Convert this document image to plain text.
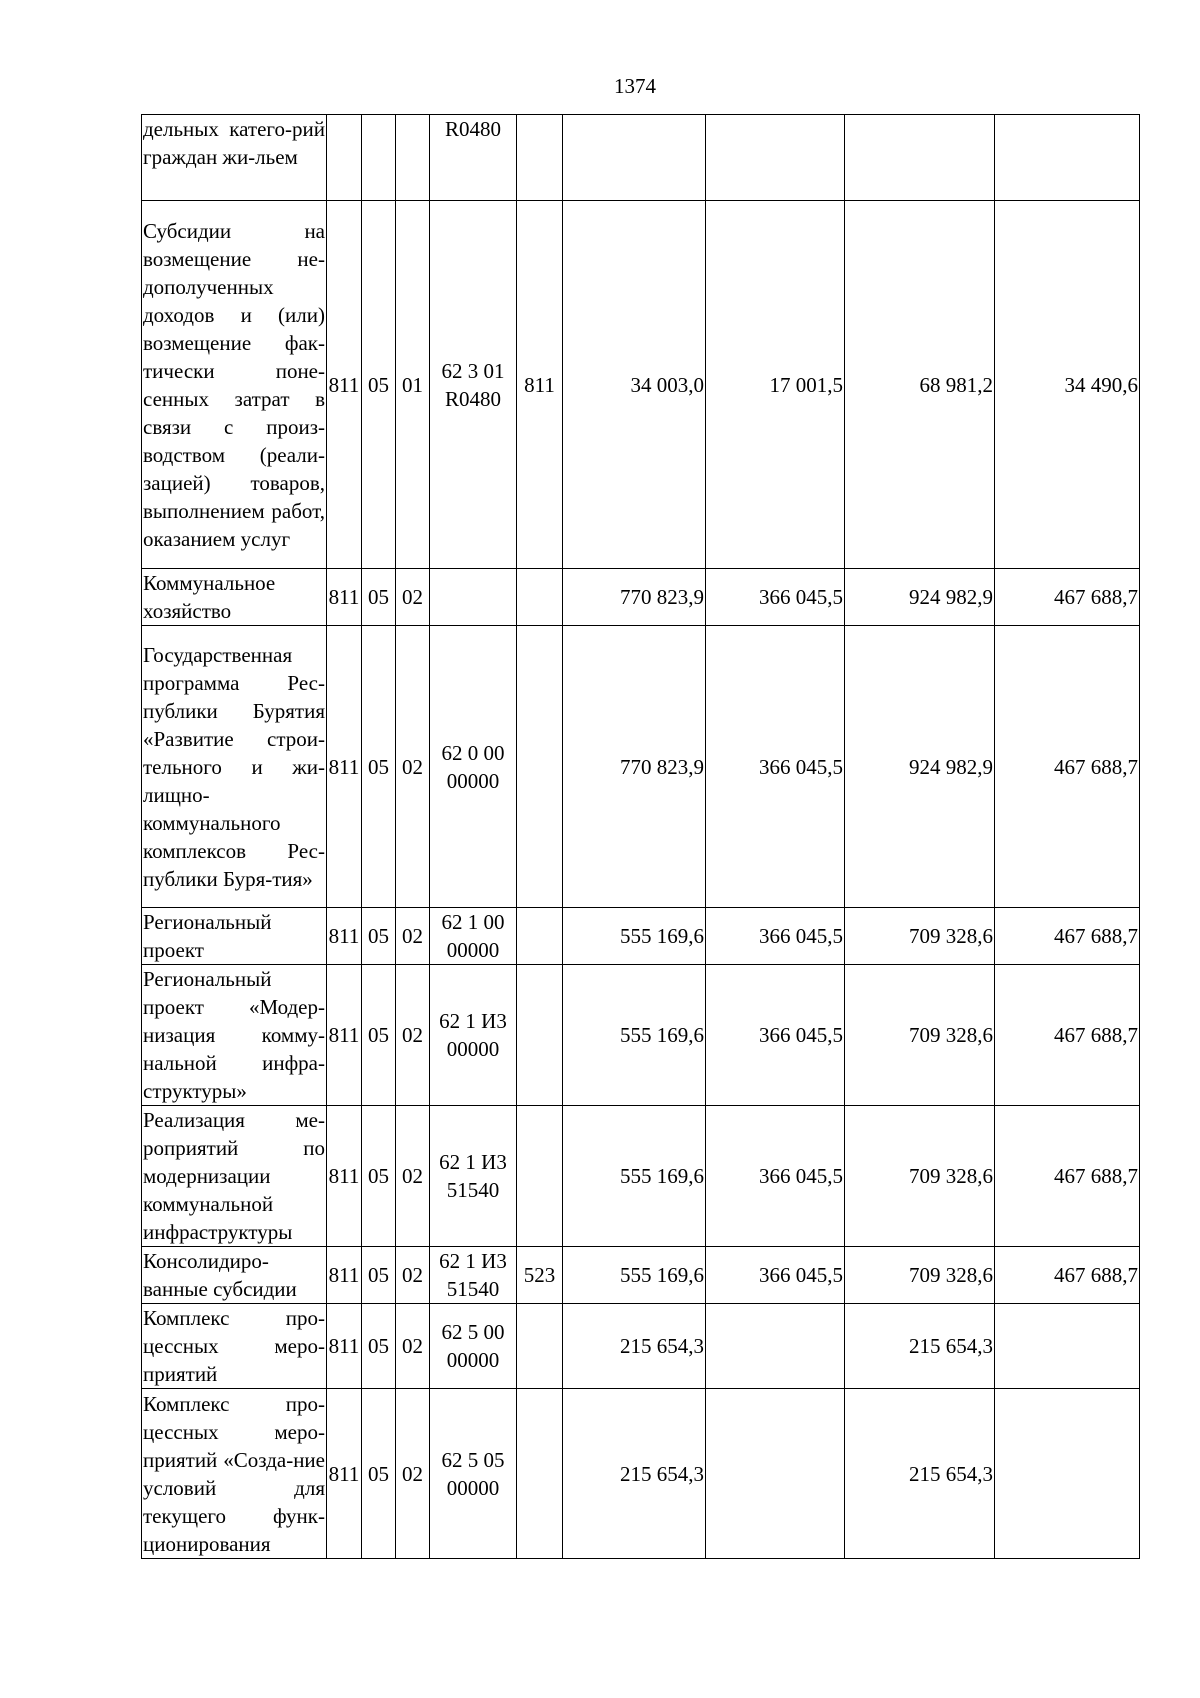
1374
дельных катего-рий граждан жи-льем				R0480					
Субсидии на возмещение не-дополученных доходов и (или) возмещение фак-тически поне-сенных затрат в связи с произ-водством (реали-зацией) товаров, выполнением работ, оказанием услуг	811	05	01	62 3 01 R0480	811	34 003,0	17 001,5	68 981,2	34 490,6
Коммунальное хозяйство	811	05	02			770 823,9	366 045,5	924 982,9	467 688,7
Государственная программа Рес-публики Бурятия «Развитие строи-тельного и жи-лищно-коммунального комплексов Рес-публики Буря-тия»	811	05	02	62 0 00 00000		770 823,9	366 045,5	924 982,9	467 688,7
Региональный проект	811	05	02	62 1 00 00000		555 169,6	366 045,5	709 328,6	467 688,7
Региональный проект «Модер-низация комму-нальной инфра-структуры»	811	05	02	62 1 И3 00000		555 169,6	366 045,5	709 328,6	467 688,7
Реализация ме-роприятий по модернизации коммунальной инфраструктуры	811	05	02	62 1 И3 51540		555 169,6	366 045,5	709 328,6	467 688,7
Консолидиро-ванные субсидии	811	05	02	62 1 И3 51540	523	555 169,6	366 045,5	709 328,6	467 688,7
Комплекс про-цессных меро-приятий	811	05	02	62 5 00 00000		215 654,3		215 654,3	
Комплекс про-цессных меро-приятий «Созда-ние условий для текущего функ-ционирования	811	05	02	62 5 05 00000		215 654,3		215 654,3	
